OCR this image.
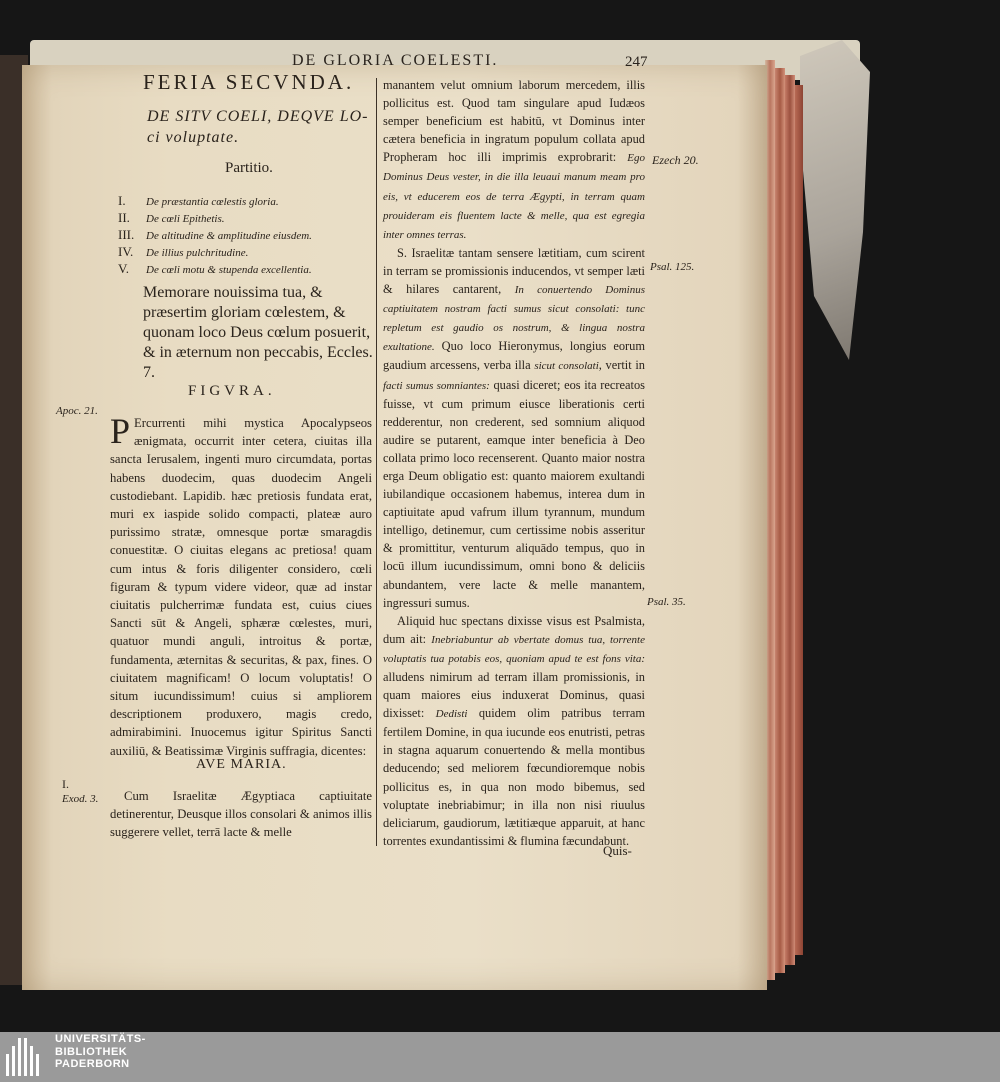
DE GLORIA COELESTI.	247
FERIA SECVNDA.
DE SITV COELI, DEQVE LO-
ci voluptate.
Partitio.
I. De præstantia cœlestis gloria.
II. De cœli Epithetis.
III. De altitudine & amplitudine eiusdem.
IV. De illius pulchritudine.
V. De cœli motu & stupenda excellentia.
Memorare nouissima tua, & præsertim gloriam cœlestem, & quonam loco Deus cœlum posuerit, & in æternum non peccabis, Eccles. 7.
FIGVRA.
Apoc. 21. P Ercurrenti mihi mystica Apocalypseos ænigmata, occurrit inter cetera, ciuitas illa sancta Ierusalem, ingenti muro circumdata, portas habens duodecim, quas duodecim Angeli custodiebant. Lapidib. hæc pretiosis fundata erat, muri ex iaspide solido compacti, plateæ auro purissimo stratæ, omnesque portæ smaragdis conuestitæ. O ciuitas elegans ac pretiosa! quam cum intus & foris diligenter considero, cœli figuram & typum videre videor, quæ ad instar ciuitatis pulcherrimæ fundata est, cuius ciues Sancti sūt & Angeli, sphæræ cœlestes, muri, quatuor mundi anguli, introitus & portæ, fundamenta, æternitas & securitas, & pax, fines. O ciuitatem magnificam! O locum voluptatis! O situm iucundissimum! cuius si ampliorem descriptionem produxero, magis credo, admirabimini. Inuocemus igitur Spiritus Sancti auxiliū, & Beatissimæ Virginis suffragia, dicentes:
AVE MARIA.
I.
Exod. 3.	Cum Israelitæ Ægyptiaca captiuitate detinerentur, Deusque illos consolari & animos illis suggerere vellet, terrā lacte & melle
manantem velut omnium laborum mercedem, illis pollicitus est. Quod tam singulare apud Iudæos semper beneficium est habitū, vt Dominus inter cætera beneficia in ingratum populum collata apud Propheram hoc illi imprimis exprobrarit: Ego Dominus Deus vester, in die illa leuaui manum meam pro eis, vt educerem eos de terra Ægypti, in terram quam prouideram eis fluentem lacte & melle, qua est egregia inter omnes terras.
S. Israelitæ tantam sensere lætitiam, cum scirent in terram se promissionis inducendos, vt semper læti & hilares cantarent, In conuertendo Dominus captiuitatem nostram facti sumus sicut consolati: tunc repletum est gaudio os nostrum, & lingua nostra exultatione. Quo loco Hieronymus, longius eorum gaudium arcessens, verba illa sicut consolati, vertit in facti sumus somniantes: quasi diceret; eos ita recreatos fuisse, vt cum primum eiusce liberationis certi redderentur, non crederent, sed somnium aliquod audire se putarent, eamque inter beneficia à Deo collata primo loco recenserent. Quanto maior nostra erga Deum obligatio est: quanto maiorem exultandi iubilandique occasionem habemus, interea dum in captiuitate apud vafrum illum tyrannum, mundum intelligo, detinemur, cum certissime nobis asseritur & promittitur, venturum aliquādo tempus, quo in locū illum iucundissimum, omni bono & deliciis abundantem, vere lacte & melle manantem, ingressuri sumus.
Aliquid huc spectans dixisse visus est Psalmista, dum ait: Inebriabuntur ab vbertate domus tua, torrente voluptatis tua potabis eos, quoniam apud te est fons vita: alludens nimirum ad terram illam promissionis, in quam maiores eius induxerat Dominus, quasi dixisset: Dedisti quidem olim patribus terram fertilem Domine, in qua iucunde eos enutristi, petras in stagna aquarum conuertendo & mella montibus deducendo; sed meliorem fœcundioremque nobis pollicitus es, in qua non modo bibemus, sed voluptate inebriabimur; in illa non nisi riuulus deliciarum, gaudiorum, lætitiæque apparuit, at hanc torrentes exundantissimi & flumina fæcundabunt.
Ezech 20.
Psal. 125.
Psal. 35.
Quis-
UNIVERSITÄTS-
BIBLIOTHEK
PADERBORN
